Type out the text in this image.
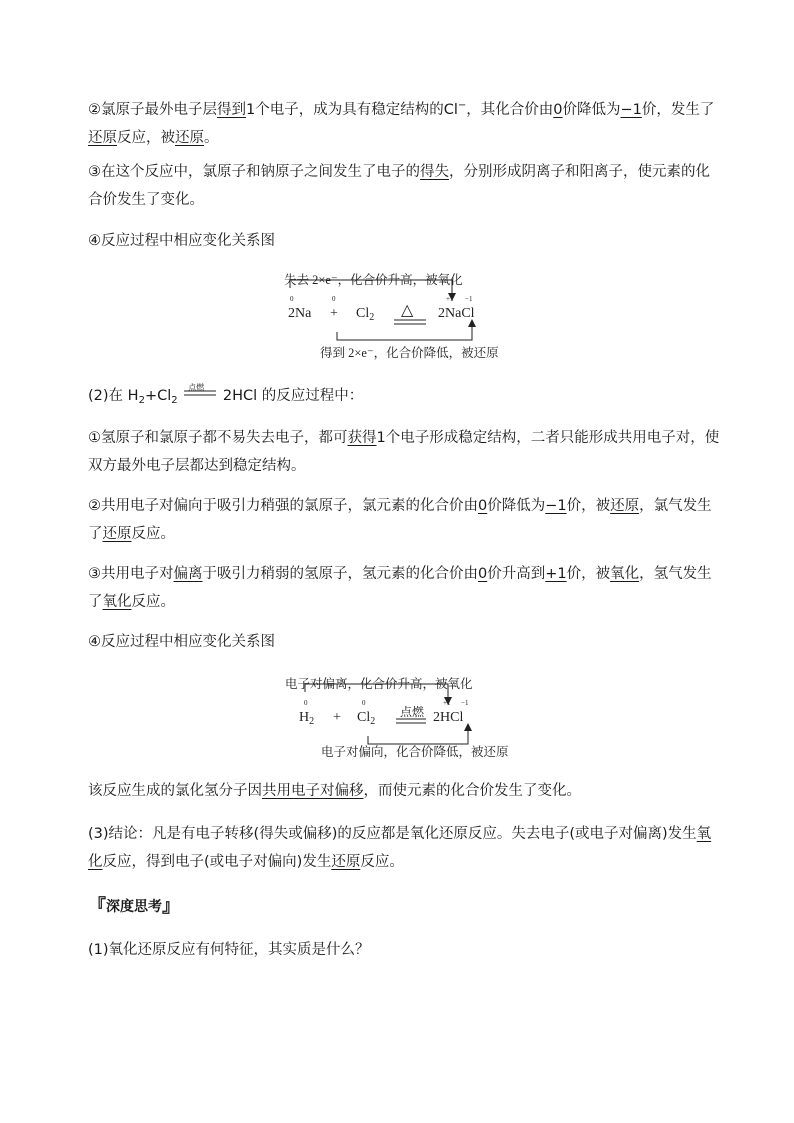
②氯原子最外电子层得到1个电子，成为具有稳定结构的Cl−，其化合价由0价降低为−1价，发生了还原反应，被还原。
③在这个反应中，氯原子和钠原子之间发生了电子的得失，分别形成阴离子和阳离子，使元素的化合价发生了变化。
④反应过程中相应变化关系图
失去 2×e⁻，化合价升高，被氧化
0	0	+1 −1
$2Na + Cl_2$ △ 2NaCl
得到 2×e⁻，化合价降低，被还原
(2)在 $H_2+Cl_2$
点燃
2HCl 的反应过程中：
①氢原子和氯原子都不易失去电子，都可获得1个电子形成稳定结构，二者只能形成共用电子对，使双方最外电子层都达到稳定结构。
②共用电子对偏向于吸引力稍强的氯原子，氯元素的化合价由0价降低为−1价，被还原，氯气发生了还原反应。
③共用电子对偏离于吸引力稍弱的氢原子，氢元素的化合价由0价升高到+1价，被氧化，氢气发生了氧化反应。
④反应过程中相应变化关系图
电子对偏离，化合价升高，被氧化
0	0	+1 −1
$H_2 + Cl_2$
点燃 2HCl
电子对偏向，化合价降低，被还原
该反应生成的氯化氢分子因共用电子对偏移，而使元素的化合价发生了变化。
(3)结论：凡是有电子转移(得失或偏移)的反应都是氧化还原反应。失去电子(或电子对偏离)发生氧化反应，得到电子(或电子对偏向)发生还原反应。
『深度思考』
(1)氧化还原反应有何特征，其实质是什么？
